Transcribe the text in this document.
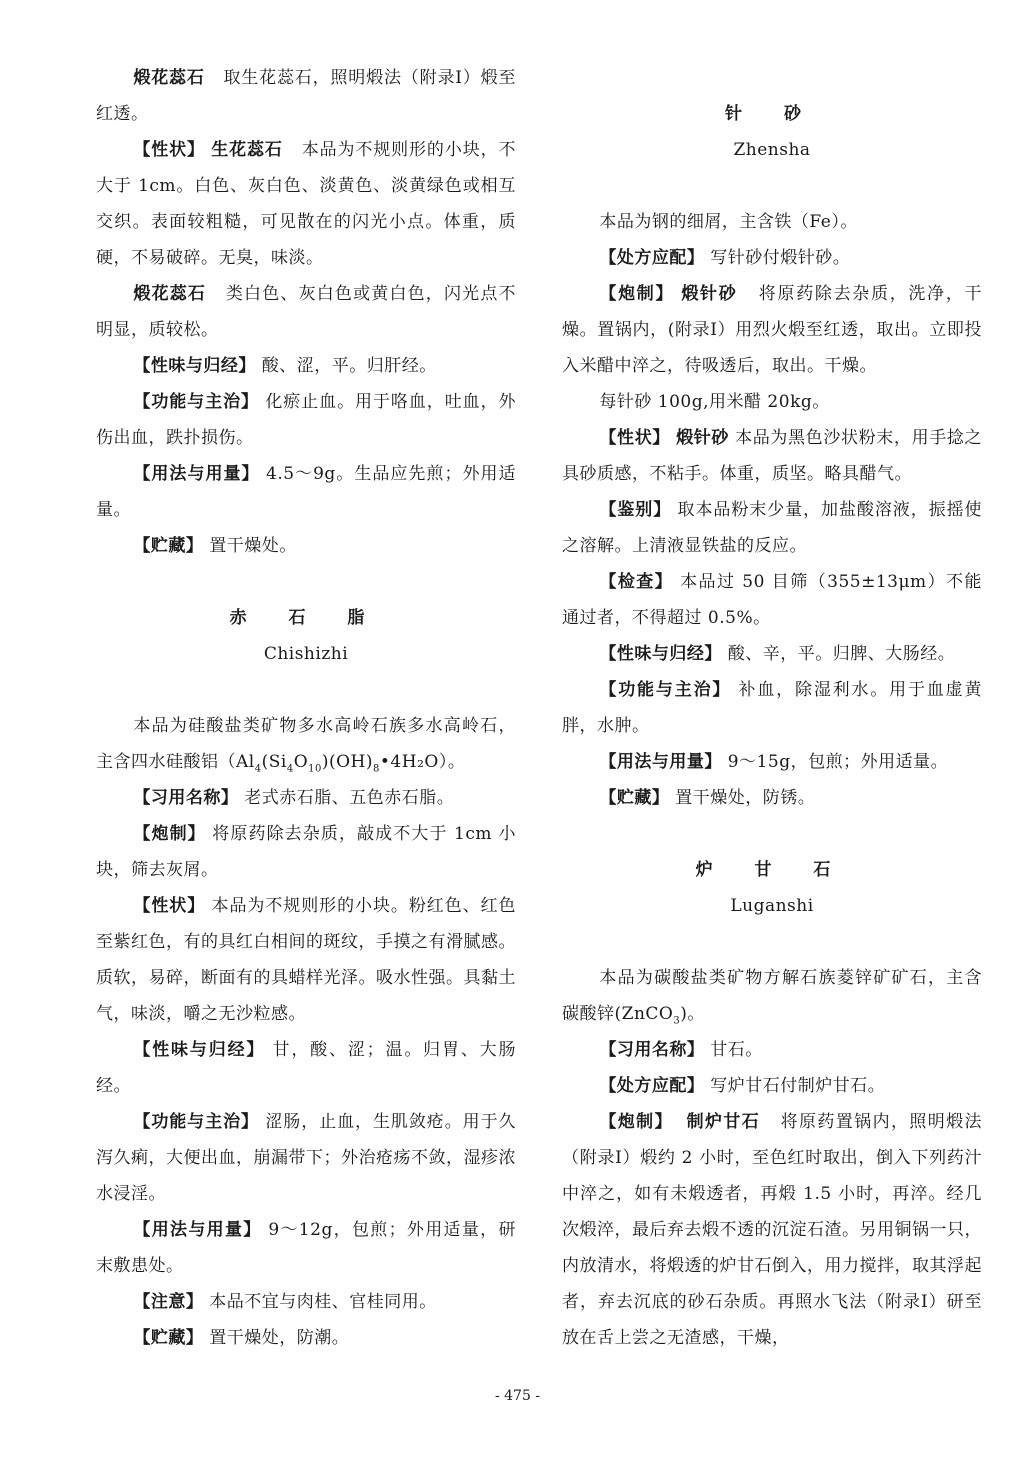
煅花蕊石 取生花蕊石，照明煅法（附录Ⅰ）煅至红透。

【性状】 生花蕊石 本品为不规则形的小块，不大于 1cm。白色、灰白色、淡黄色、淡黄绿色或相互交织。表面较粗糙，可见散在的闪光小点。体重，质硬，不易破碎。无臭，味淡。

煅花蕊石 类白色、灰白色或黄白色，闪光点不明显，质较松。

【性味与归经】 酸、涩，平。归肝经。

【功能与主治】 化瘀止血。用于咯血，吐血，外伤出血，跌扑损伤。

【用法与用量】 4.5～9g。生品应先煎；外用适量。

【贮藏】 置干燥处。

赤 石 脂

Chishizhi

本品为硅酸盐类矿物多水高岭石族多水高岭石，主含四水硅酸铝$(Al_4(Si_4O_{10})(OH)_8•4H_2O)$。

【习用名称】 老式赤石脂、五色赤石脂。

【炮制】 将原药除去杂质，敲成不大于 1cm 小块，筛去灰屑。

【性状】 本品为不规则形的小块。粉红色、红色至紫红色，有的具红白相间的斑纹，手摸之有滑腻感。质软，易碎，断面有的具蜡样光泽。吸水性强。具黏土气，味淡，嚼之无沙粒感。

【性味与归经】 甘，酸、涩；温。归胃、大肠经。

【功能与主治】 涩肠，止血，生肌敛疮。用于久泻久痢，大便出血，崩漏带下；外治疮疡不敛，湿疹浓水浸淫。

【用法与用量】 9～12g，包煎；外用适量，研末敷患处。

【注意】 本品不宜与肉桂、官桂同用。

【贮藏】 置干燥处，防潮。

针 砂

Zhensha

本品为钢的细屑，主含铁（Fe）。

【处方应配】 写针砂付煅针砂。

【炮制】 煅针砂 将原药除去杂质，洗净，干燥。置锅内，(附录Ⅰ）用烈火煅至红透，取出。立即投入米醋中淬之，待吸透后，取出。干燥。

每针砂 100g,用米醋 20kg。

【性状】 煅针砂 本品为黑色沙状粉末，用手捻之具砂质感，不粘手。体重，质坚。略具醋气。

【鉴别】 取本品粉末少量，加盐酸溶液，振摇使之溶解。上清液显铁盐的反应。

【检查】 本品过 50 目筛（355±13μm）不能通过者，不得超过 0.5%。

【性味与归经】 酸、辛，平。归脾、大肠经。

【功能与主治】 补血，除湿利水。用于血虚黄胖，水肿。

【用法与用量】 9～15g，包煎；外用适量。

【贮藏】 置干燥处，防锈。

炉 甘 石

Luganshi

本品为碳酸盐类矿物方解石族菱锌矿矿石，主含碳酸锌(ZnCO$_3$)。

【习用名称】 甘石。

【处方应配】 写炉甘石付制炉甘石。

【炮制】 制炉甘石 将原药置锅内，照明煅法（附录Ⅰ）煅约 2 小时，至色红时取出，倒入下列药汁中淬之，如有未煅透者，再煅 1.5 小时，再淬。经几次煅淬，最后弃去煅不透的沉淀石渣。另用铜锅一只，内放清水，将煅透的炉甘石倒入，用力搅拌，取其浮起者，弃去沉底的砂石杂质。再照水飞法（附录Ⅰ）研至放在舌上尝之无渣感，干燥，

- 475 -
